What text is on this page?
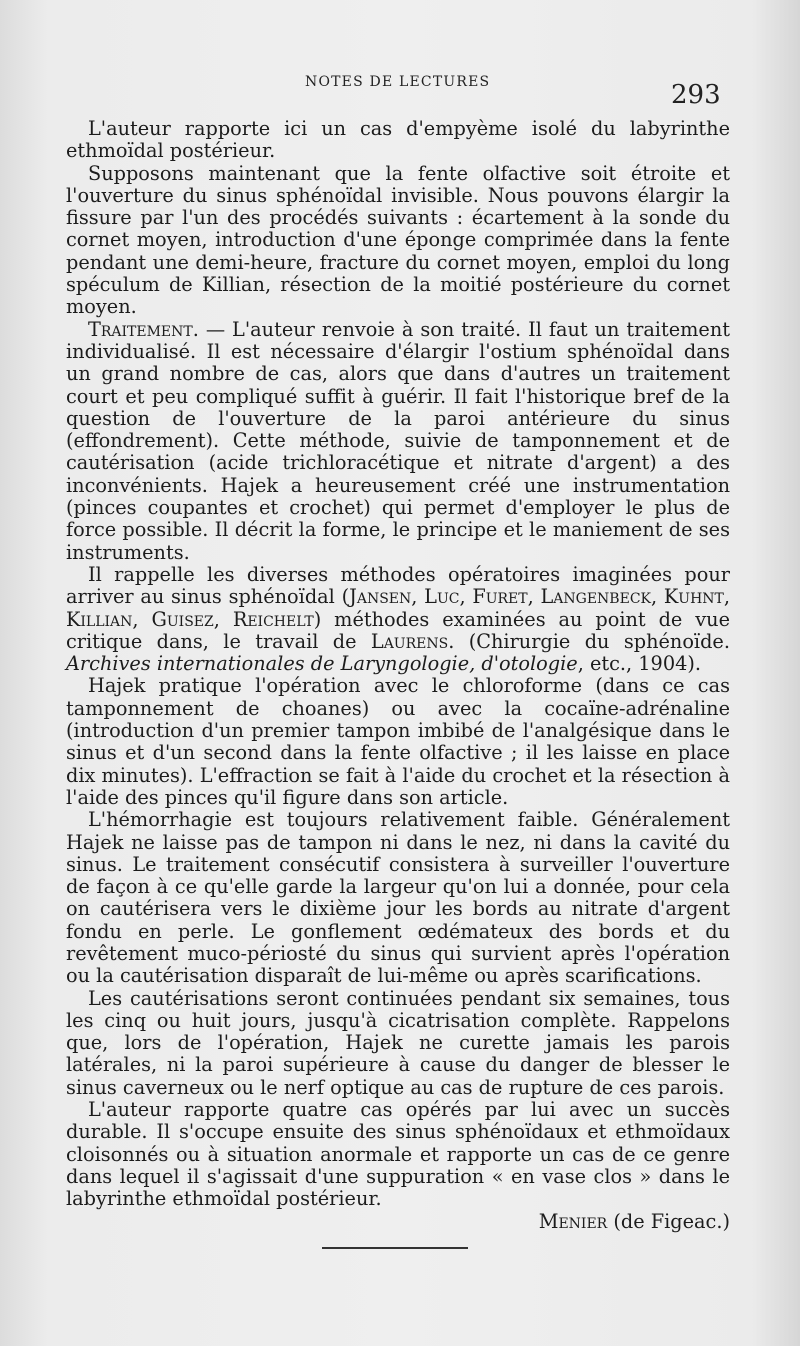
NOTES DE LECTURES	293

L'auteur rapporte ici un cas d'empyème isolé du labyrinthe ethmoïdal postérieur.

Supposons maintenant que la fente olfactive soit étroite et l'ouverture du sinus sphénoïdal invisible. Nous pouvons élargir la fissure par l'un des procédés suivants : écartement à la sonde du cornet moyen, introduction d'une éponge comprimée dans la fente pendant une demi-heure, fracture du cornet moyen, emploi du long spéculum de Killian, résection de la moitié postérieure du cornet moyen.

Traitement. — L'auteur renvoie à son traité. Il faut un traitement individualisé. Il est nécessaire d'élargir l'ostium sphénoïdal dans un grand nombre de cas, alors que dans d'autres un traitement court et peu compliqué suffit à guérir. Il fait l'historique bref de la question de l'ouverture de la paroi antérieure du sinus (effondrement). Cette méthode, suivie de tamponnement et de cautérisation (acide trichloracétique et nitrate d'argent) a des inconvénients. Hajek a heureusement créé une instrumentation (pinces coupantes et crochet) qui permet d'employer le plus de force possible. Il décrit la forme, le principe et le maniement de ses instruments.

Il rappelle les diverses méthodes opératoires imaginées pour arriver au sinus sphénoïdal (Jansen, Luc, Furet, Langenbeck, Kuhnt, Killian, Guisez, Reichelt) méthodes examinées au point de vue critique dans, le travail de Laurens. (Chirurgie du sphénoïde. Archives internationales de Laryngologie, d'otologie, etc., 1904).

Hajek pratique l'opération avec le chloroforme (dans ce cas tamponnement de choanes) ou avec la cocaïne-adrénaline (introduction d'un premier tampon imbibé de l'analgésique dans le sinus et d'un second dans la fente olfactive ; il les laisse en place dix minutes). L'effraction se fait à l'aide du crochet et la résection à l'aide des pinces qu'il figure dans son article.

L'hémorrhagie est toujours relativement faible. Généralement Hajek ne laisse pas de tampon ni dans le nez, ni dans la cavité du sinus. Le traitement consécutif consistera à surveiller l'ouverture de façon à ce qu'elle garde la largeur qu'on lui a donnée, pour cela on cautérisera vers le dixième jour les bords au nitrate d'argent fondu en perle. Le gonflement œdémateux des bords et du revêtement muco-périosté du sinus qui survient après l'opération ou la cautérisation disparaît de lui-même ou après scarifications.

Les cautérisations seront continuées pendant six semaines, tous les cinq ou huit jours, jusqu'à cicatrisation complète. Rappelons que, lors de l'opération, Hajek ne curette jamais les parois latérales, ni la paroi supérieure à cause du danger de blesser le sinus caverneux ou le nerf optique au cas de rupture de ces parois.

L'auteur rapporte quatre cas opérés par lui avec un succès durable. Il s'occupe ensuite des sinus sphénoïdaux et ethmoïdaux cloisonnés ou à situation anormale et rapporte un cas de ce genre dans lequel il s'agissait d'une suppuration « en vase clos » dans le labyrinthe ethmoïdal postérieur.

Menier (de Figeac.)
